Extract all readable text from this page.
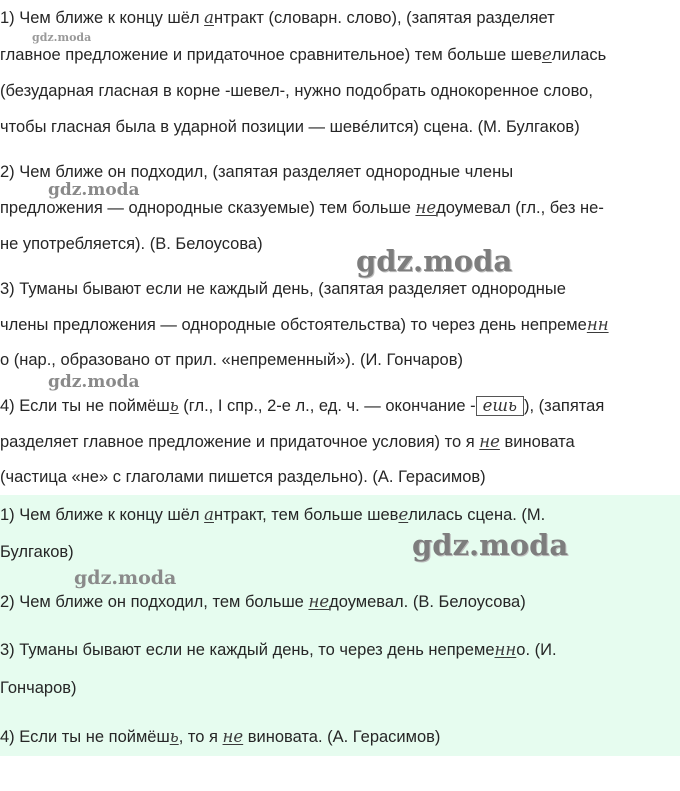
1) Чем ближе к концу шёл антракт (словарн. слово), (запятая разделяет
главное предложение и придаточное сравнительное) тем больше шевелилась
(безударная гласная в корне -шевел-, нужно подобрать однокоренное слово,
чтобы гласная была в ударной позиции — шевéлится) сцена. (М. Булгаков)
2) Чем ближе он подходил, (запятая разделяет однородные члены
предложения — однородные сказуемые) тем больше недоумевал (гл., без не-
не употребляется). (В. Белоусова)
3) Туманы бывают если не каждый день, (запятая разделяет однородные
члены предложения — однородные обстоятельства) то через день непременн
о (нар., образовано от прил. «непременный»). (И. Гончаров)
4) Если ты не поймёшь (гл., I спр., 2-е л., ед. ч. — окончание - ешь ), (запятая
разделяет главное предложение и придаточное условия) то я не виновата
(частица «не» с глаголами пишется раздельно). (А. Герасимов)
1) Чем ближе к концу шёл антракт, тем больше шевелилась сцена. (М.
Булгаков)
2) Чем ближе он подходил, тем больше недоумевал. (В. Белоусова)
3) Туманы бывают если не каждый день, то через день непременно. (И.
Гончаров)
4) Если ты не поймёшь, то я не виновата. (А. Герасимов)
gdz.moda
gdz.moda
gdz.moda
gdz.moda
gdz.moda
gdz.moda
